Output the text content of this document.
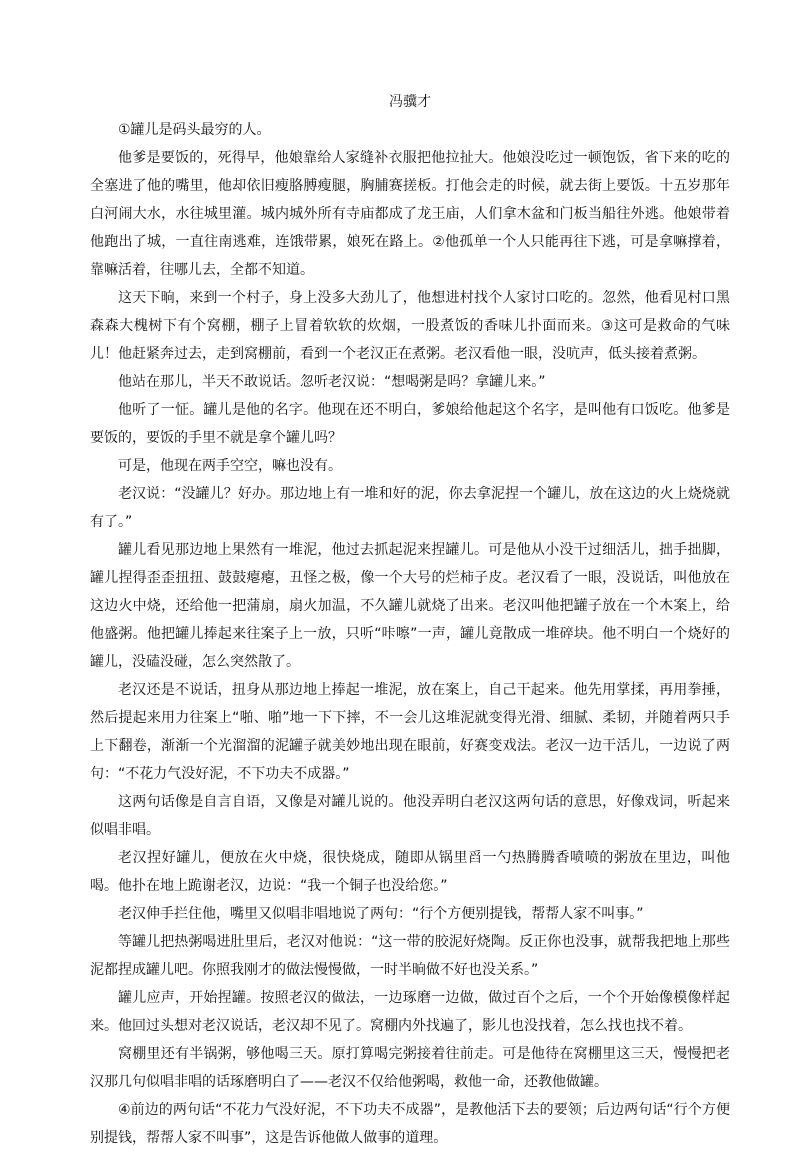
冯骥才

①罐儿是码头最穷的人。

他爹是要饭的，死得早，他娘靠给人家缝补衣服把他拉扯大。他娘没吃过一顿饱饭，省下来的吃的全塞进了他的嘴里，他却依旧瘦胳膊瘦腿，胸脯赛搓板。打他会走的时候，就去街上要饭。十五岁那年白河闹大水，水往城里灌。城内城外所有寺庙都成了龙王庙，人们拿木盆和门板当船往外逃。他娘带着他跑出了城，一直往南逃难，连饿带累，娘死在路上。②他孤单一个人只能再往下逃，可是拿嘛撑着，靠嘛活着，往哪儿去，全都不知道。

这天下晌，来到一个村子，身上没多大劲儿了，他想进村找个人家讨口吃的。忽然，他看见村口黑森森大槐树下有个窝棚，棚子上冒着软软的炊烟，一股煮饭的香味儿扑面而来。③这可是救命的气味儿！他赶紧奔过去，走到窝棚前，看到一个老汉正在煮粥。老汉看他一眼，没吭声，低头接着煮粥。

他站在那儿，半天不敢说话。忽听老汉说：“想喝粥是吗？拿罐儿来。”

他听了一怔。罐儿是他的名字。他现在还不明白，爹娘给他起这个名字，是叫他有口饭吃。他爹是要饭的，要饭的手里不就是拿个罐儿吗？

可是，他现在两手空空，嘛也没有。

老汉说：“没罐儿？好办。那边地上有一堆和好的泥，你去拿泥捏一个罐儿，放在这边的火上烧烧就有了。”

罐儿看见那边地上果然有一堆泥，他过去抓起泥来捏罐儿。可是他从小没干过细活儿，拙手拙脚，罐儿捏得歪歪扭扭、鼓鼓瘪瘪，丑怪之极，像一个大号的烂柿子皮。老汉看了一眼，没说话，叫他放在这边火中烧，还给他一把蒲扇，扇火加温，不久罐儿就烧了出来。老汉叫他把罐子放在一个木案上，给他盛粥。他把罐儿捧起来往案子上一放，只听“咔嚓”一声，罐儿竟散成一堆碎块。他不明白一个烧好的罐儿，没磕没碰，怎么突然散了。

老汉还是不说话，扭身从那边地上捧起一堆泥，放在案上，自己干起来。他先用掌揉，再用拳捶，然后提起来用力往案上“啪、啪”地一下下摔，不一会儿这堆泥就变得光滑、细腻、柔韧，并随着两只手上下翻卷，渐渐一个光溜溜的泥罐子就美妙地出现在眼前，好赛变戏法。老汉一边干活儿，一边说了两句：“不花力气没好泥，不下功夫不成器。”

这两句话像是自言自语，又像是对罐儿说的。他没弄明白老汉这两句话的意思，好像戏词，听起来似唱非唱。

老汉捏好罐儿，便放在火中烧，很快烧成，随即从锅里舀一勺热腾腾香喷喷的粥放在里边，叫他喝。他扑在地上跪谢老汉，边说：“我一个铜子也没给您。”

老汉伸手拦住他，嘴里又似唱非唱地说了两句：“行个方便别提钱，帮帮人家不叫事。”

等罐儿把热粥喝进肚里后，老汉对他说：“这一带的胶泥好烧陶。反正你也没事，就帮我把地上那些泥都捏成罐儿吧。你照我刚才的做法慢慢做，一时半晌做不好也没关系。”

罐儿应声，开始捏罐。按照老汉的做法，一边琢磨一边做，做过百个之后，一个个开始像模像样起来。他回过头想对老汉说话，老汉却不见了。窝棚内外找遍了，影儿也没找着，怎么找也找不着。

窝棚里还有半锅粥，够他喝三天。原打算喝完粥接着往前走。可是他待在窝棚里这三天，慢慢把老汉那几句似唱非唱的话琢磨明白了——老汉不仅给他粥喝，救他一命，还教他做罐。

④前边的两句话“不花力气没好泥，不下功夫不成器”，是教他活下去的要领；后边两句话“行个方便别提钱，帮帮人家不叫事”，这是告诉他做人做事的道理。
